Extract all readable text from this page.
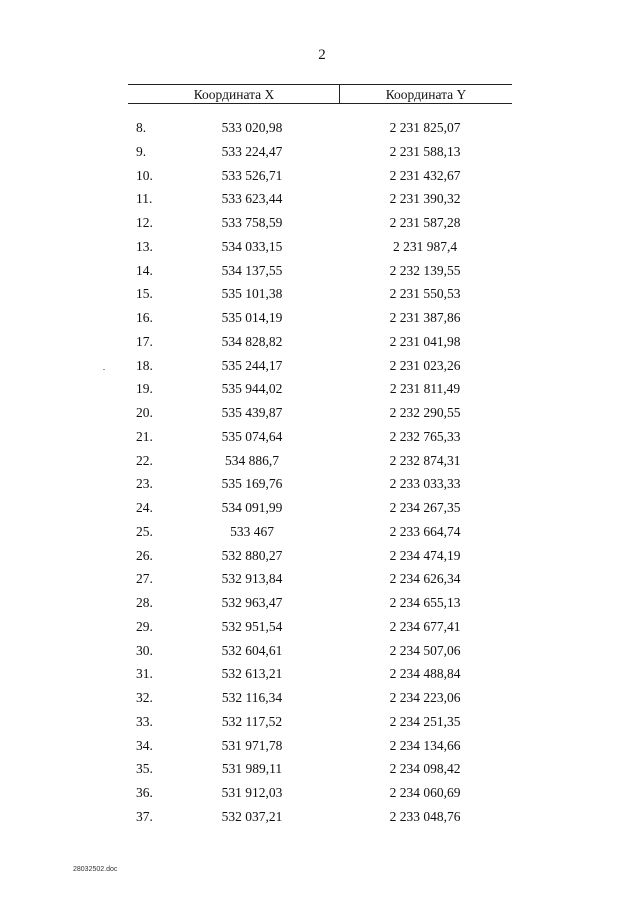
2
Координата X	Координата Y
8.	533 020,98	2 231 825,07
9.	533 224,47	2 231 588,13
10.	533 526,71	2 231 432,67
11.	533 623,44	2 231 390,32
12.	533 758,59	2 231 587,28
13.	534 033,15	2 231 987,4
14.	534 137,55	2 232 139,55
15.	535 101,38	2 231 550,53
16.	535 014,19	2 231 387,86
17.	534 828,82	2 231 041,98
18.	535 244,17	2 231 023,26
19.	535 944,02	2 231 811,49
20.	535 439,87	2 232 290,55
21.	535 074,64	2 232 765,33
22.	534 886,7	2 232 874,31
23.	535 169,76	2 233 033,33
24.	534 091,99	2 234 267,35
25.	533 467	2 233 664,74
26.	532 880,27	2 234 474,19
27.	532 913,84	2 234 626,34
28.	532 963,47	2 234 655,13
29.	532 951,54	2 234 677,41
30.	532 604,61	2 234 507,06
31.	532 613,21	2 234 488,84
32.	532 116,34	2 234 223,06
33.	532 117,52	2 234 251,35
34.	531 971,78	2 234 134,66
35.	531 989,11	2 234 098,42
36.	531 912,03	2 234 060,69
37.	532 037,21	2 233 048,76
28032502.doc
